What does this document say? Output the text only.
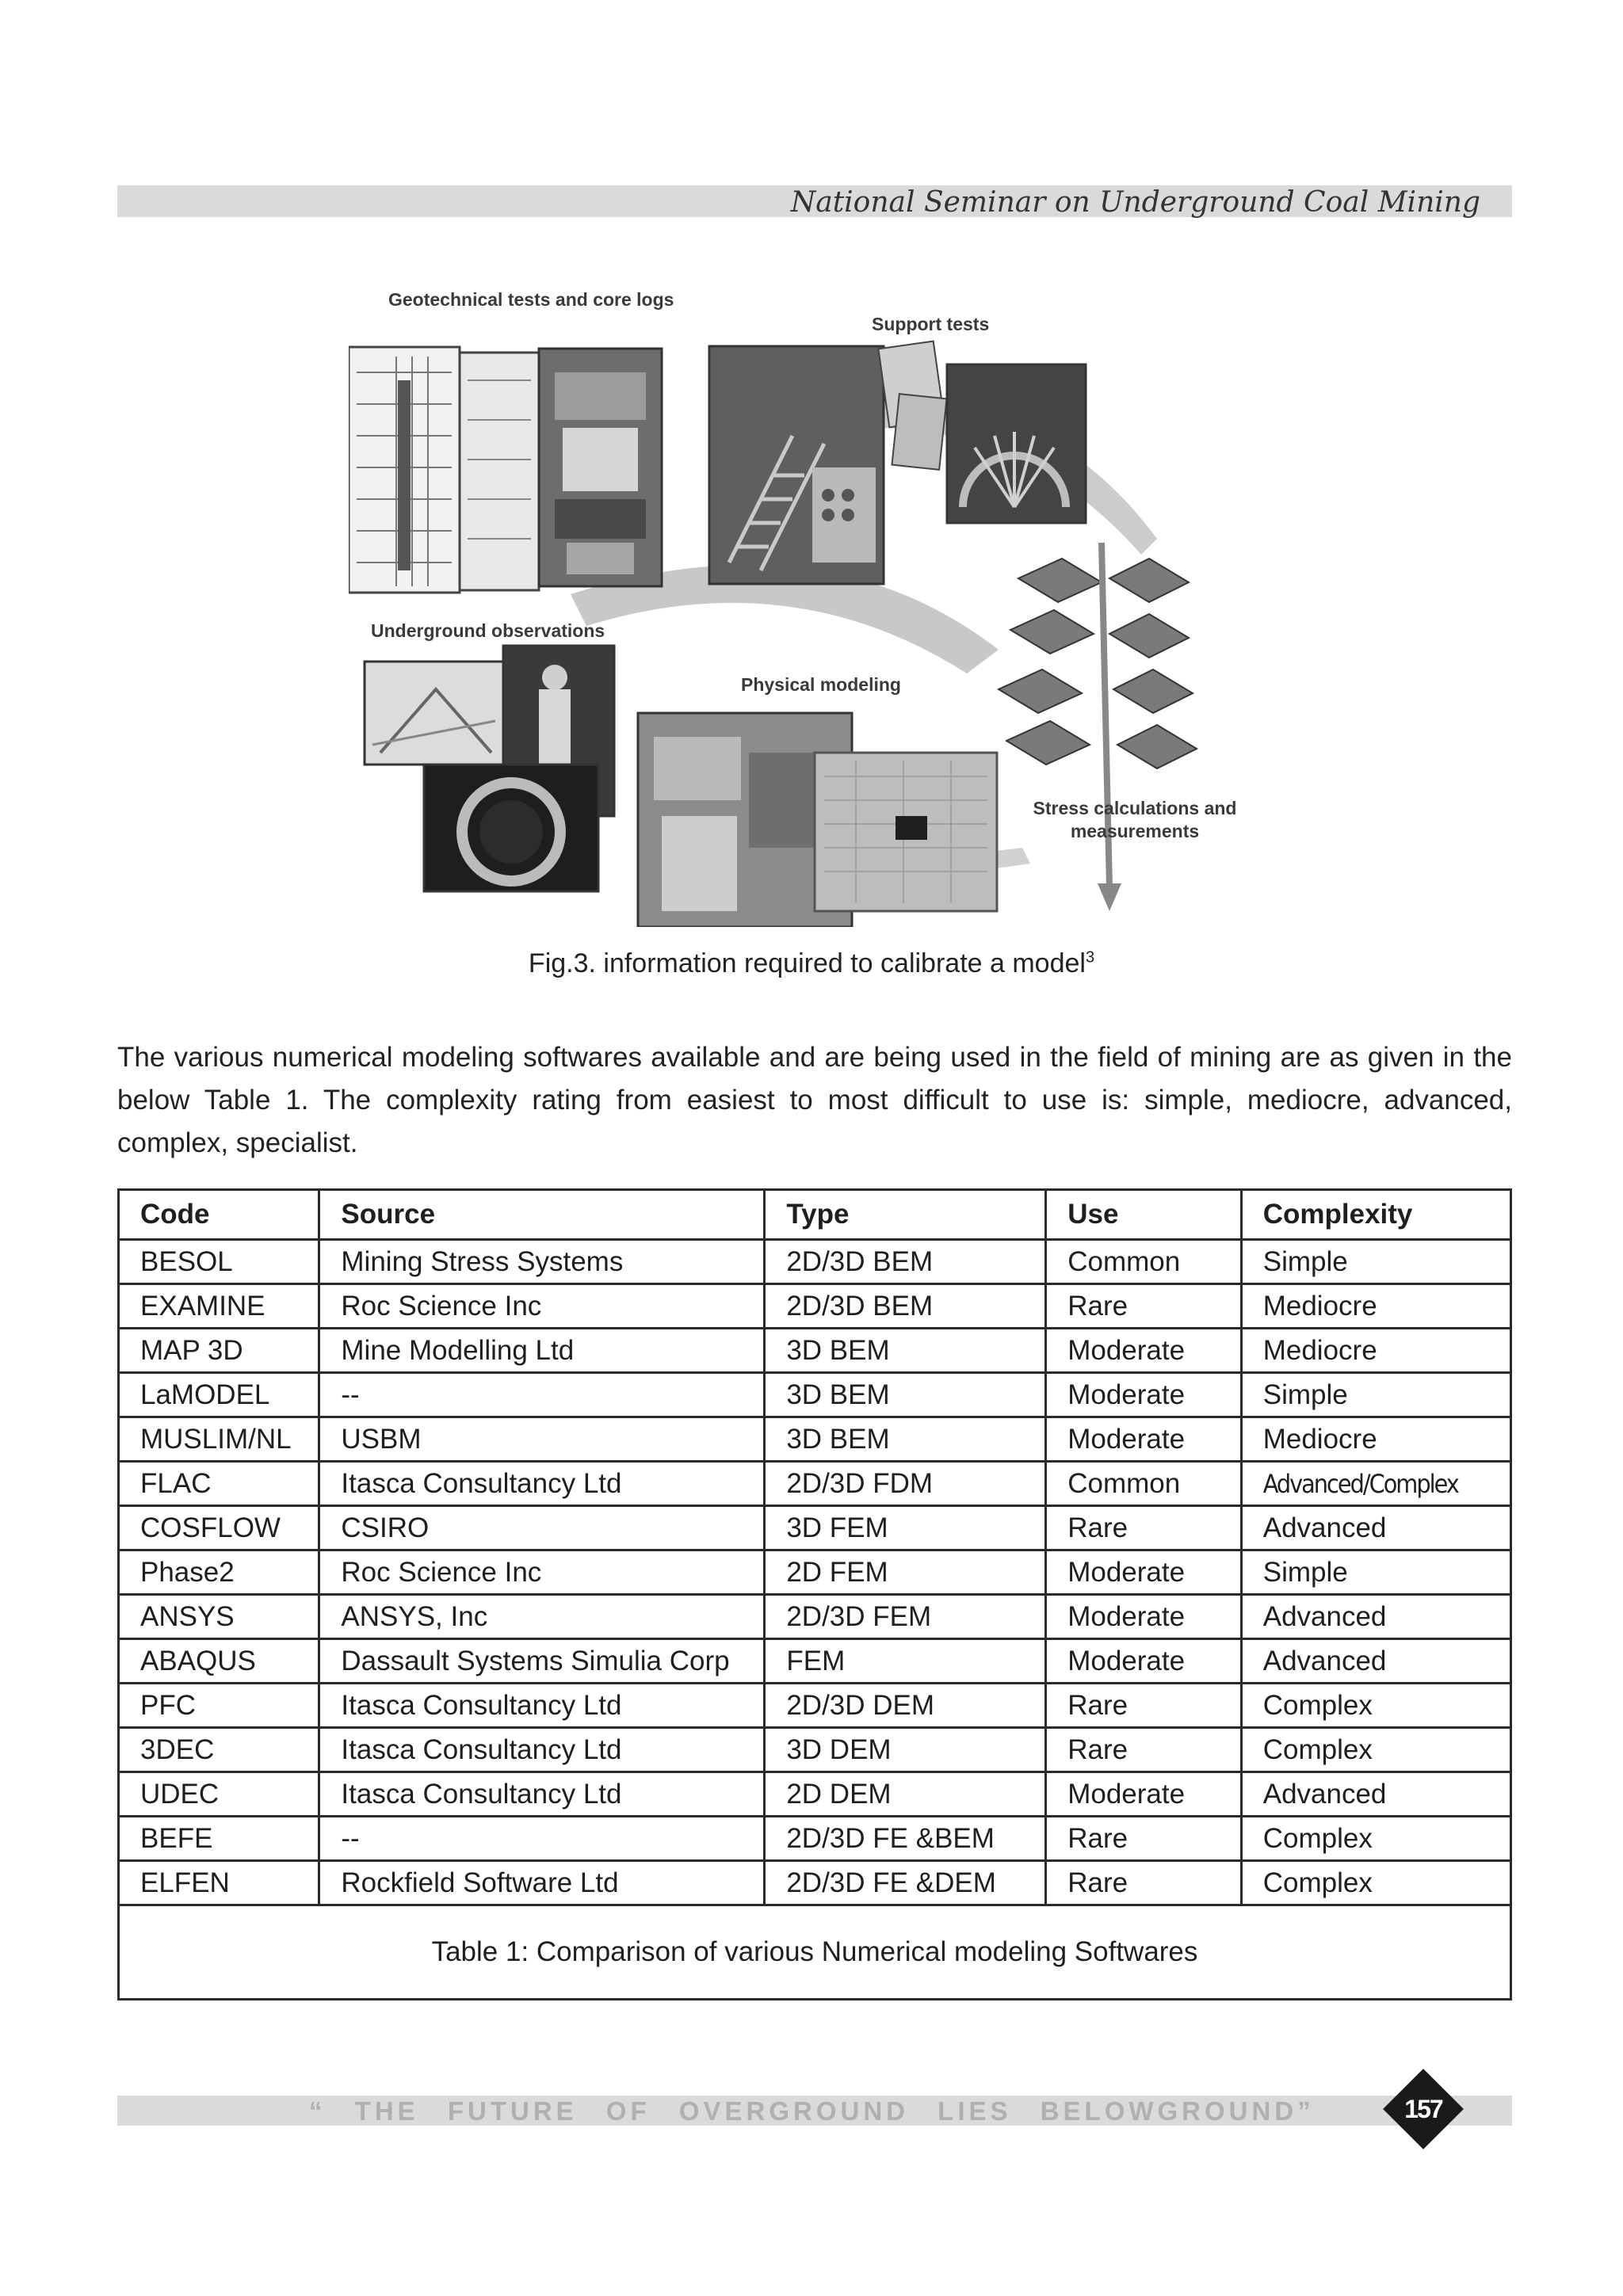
National Seminar on Underground Coal Mining
Geotechnical tests and core logs
Support tests
Underground observations
Physical modeling
Stress calculations and measurements
Fig.3. information required to calibrate a model$^3$
The various numerical modeling softwares available and are being used in the field of mining are as given in the below Table 1. The complexity rating from easiest to most difficult to use is: simple, mediocre, advanced, complex, specialist.
Code	Source	Type	Use	Complexity
BESOL	Mining Stress Systems	2D/3D BEM	Common	Simple
EXAMINE	Roc Science Inc	2D/3D BEM	Rare	Mediocre
MAP 3D	Mine Modelling Ltd	3D BEM	Moderate	Mediocre
LaMODEL	--	3D BEM	Moderate	Simple
MUSLIM/NL	USBM	3D BEM	Moderate	Mediocre
FLAC	Itasca Consultancy Ltd	2D/3D FDM	Common	Advanced/Complex
COSFLOW	CSIRO	3D FEM	Rare	Advanced
Phase2	Roc Science Inc	2D FEM	Moderate	Simple
ANSYS	ANSYS, Inc	2D/3D FEM	Moderate	Advanced
ABAQUS	Dassault Systems Simulia Corp	FEM	Moderate	Advanced
PFC	Itasca Consultancy Ltd	2D/3D DEM	Rare	Complex
3DEC	Itasca Consultancy Ltd	3D DEM	Rare	Complex
UDEC	Itasca Consultancy Ltd	2D DEM	Moderate	Advanced
BEFE	--	2D/3D FE &BEM	Rare	Complex
ELFEN	Rockfield Software Ltd	2D/3D FE &DEM	Rare	Complex
Table 1: Comparison of various Numerical modeling Softwares				
“ THE FUTURE OF OVERGROUND LIES BELOWGROUND”	157
